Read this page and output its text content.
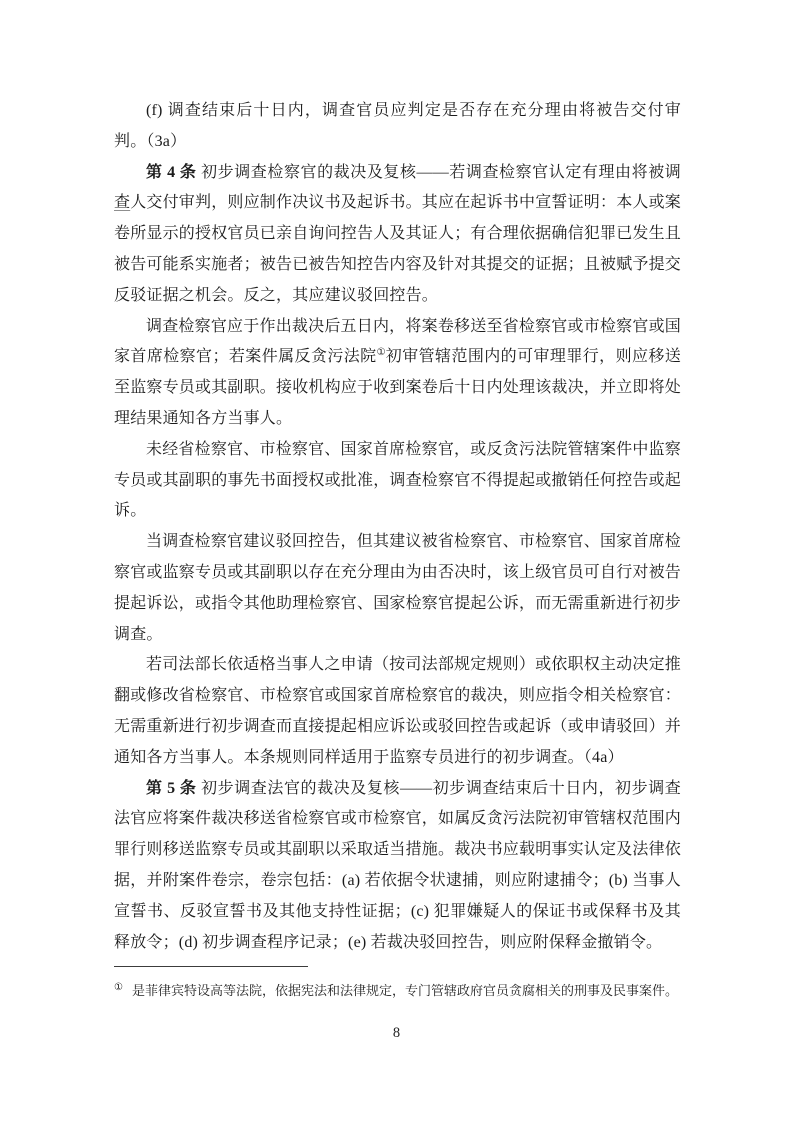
(f) 调查结束后十日内，调查官员应判定是否存在充分理由将被告交付审判。（3a）

第 4 条 初步调查检察官的裁决及复核——若调查检察官认定有理由将被调查人交付审判，则应制作决议书及起诉书。其应在起诉书中宣誓证明：本人或案卷所显示的授权官员已亲自询问控告人及其证人；有合理依据确信犯罪已发生且被告可能系实施者；被告已被告知控告内容及针对其提交的证据；且被赋予提交反驳证据之机会。反之，其应建议驳回控告。

调查检察官应于作出裁决后五日内，将案卷移送至省检察官或市检察官或国家首席检察官；若案件属反贪污法院①初审管辖范围内的可审理罪行，则应移送至监察专员或其副职。接收机构应于收到案卷后十日内处理该裁决，并立即将处理结果通知各方当事人。

未经省检察官、市检察官、国家首席检察官，或反贪污法院管辖案件中监察专员或其副职的事先书面授权或批准，调查检察官不得提起或撤销任何控告或起诉。

当调查检察官建议驳回控告，但其建议被省检察官、市检察官、国家首席检察官或监察专员或其副职以存在充分理由为由否决时，该上级官员可自行对被告提起诉讼，或指令其他助理检察官、国家检察官提起公诉，而无需重新进行初步调查。

若司法部长依适格当事人之申请（按司法部规定规则）或依职权主动决定推翻或修改省检察官、市检察官或国家首席检察官的裁决，则应指令相关检察官：无需重新进行初步调查而直接提起相应诉讼或驳回控告或起诉（或申请驳回）并通知各方当事人。本条规则同样适用于监察专员进行的初步调查。（4a）

第 5 条 初步调查法官的裁决及复核——初步调查结束后十日内，初步调查法官应将案件裁决移送省检察官或市检察官，如属反贪污法院初审管辖权范围内罪行则移送监察专员或其副职以采取适当措施。裁决书应载明事实认定及法律依据，并附案件卷宗，卷宗包括：(a) 若依据令状逮捕，则应附逮捕令；(b) 当事人宣誓书、反驳宣誓书及其他支持性证据；(c) 犯罪嫌疑人的保证书或保释书及其释放令；(d) 初步调查程序记录；(e) 若裁决驳回控告，则应附保释金撤销令。

① 是菲律宾特设高等法院，依据宪法和法律规定，专门管辖政府官员贪腐相关的刑事及民事案件。
8
